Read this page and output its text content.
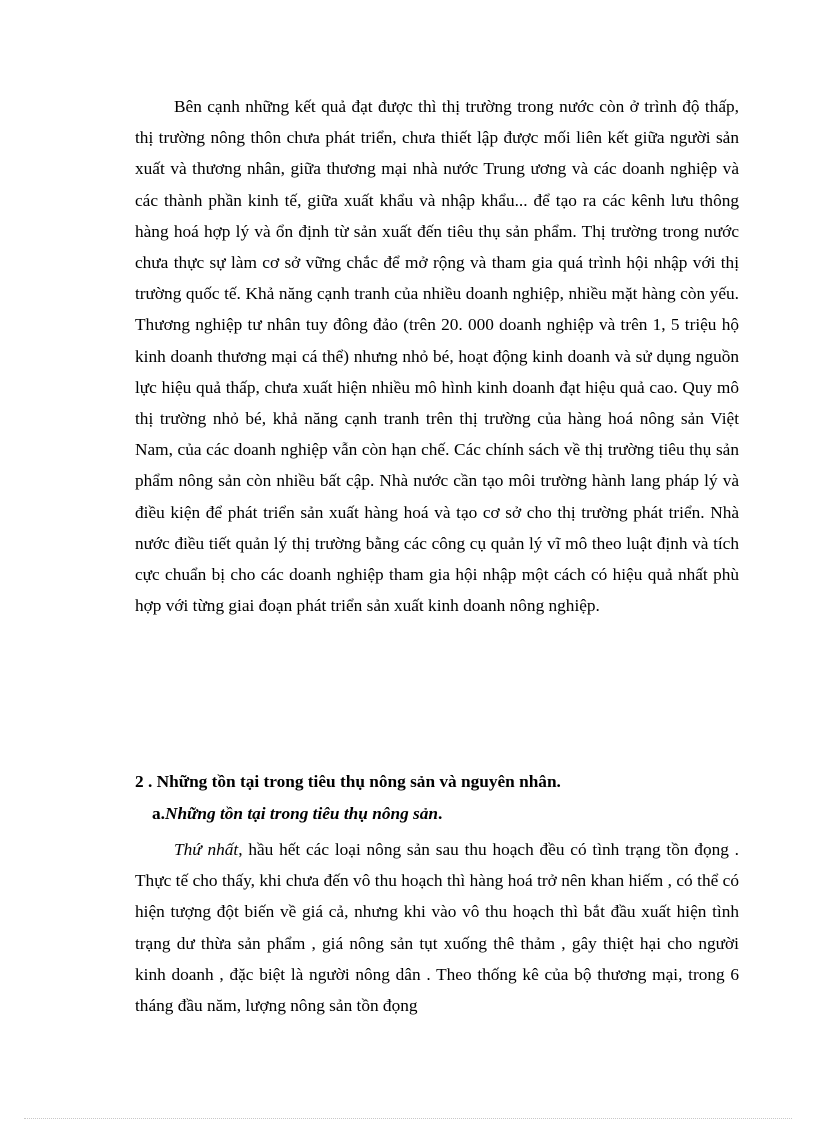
Bên cạnh những kết quả đạt được thì thị trường trong nước còn ở trình độ thấp, thị trường nông thôn chưa phát triển, chưa thiết lập được mối liên kết giữa người sản xuất và thương nhân, giữa thương mại nhà nước Trung ương và các doanh nghiệp và các thành phần kinh tế, giữa xuất khẩu và nhập khẩu... để tạo ra các kênh lưu thông hàng hoá hợp lý và ổn định từ sản xuất đến tiêu thụ sản phẩm. Thị trường trong nước chưa thực sự làm cơ sở vững chắc để mở rộng và tham gia quá trình hội nhập với thị trường quốc tế. Khả năng cạnh tranh của nhiều doanh nghiệp, nhiều mặt hàng còn yếu. Thương nghiệp tư nhân tuy đông đảo (trên 20. 000 doanh nghiệp và trên 1, 5 triệu hộ kinh doanh thương mại cá thể) nhưng nhỏ bé, hoạt động kinh doanh và sử dụng nguồn lực hiệu quả thấp, chưa xuất hiện nhiều mô hình kinh doanh đạt hiệu quả cao. Quy mô thị trường nhỏ bé, khả năng cạnh tranh trên thị trường của hàng hoá nông sản Việt Nam, của các doanh nghiệp vẫn còn hạn chế. Các chính sách về thị trường tiêu thụ sản phẩm nông sản còn nhiều bất cập. Nhà nước cần tạo môi trường hành lang pháp lý và điều kiện để phát triển sản xuất hàng hoá và tạo cơ sở cho thị trường phát triển. Nhà nước điều tiết quản lý thị trường bằng các công cụ quản lý vĩ mô theo luật định và tích cực chuẩn bị cho các doanh nghiệp tham gia hội nhập một cách có hiệu quả nhất phù hợp với từng giai đoạn phát triển sản xuất kinh doanh nông nghiệp.

2 . Những tồn tại trong tiêu thụ nông sản và nguyên nhân.

a.Những tồn tại trong tiêu thụ nông sản.

Thứ nhất, hầu hết các loại nông sản sau thu hoạch đều có tình trạng tồn đọng . Thực tế cho thấy, khi chưa đến vô thu hoạch thì hàng hoá trở nên khan hiếm , có thể có hiện tượng đột biến về giá cả, nhưng khi vào vô thu hoạch thì bắt đầu xuất hiện tình trạng dư thừa sản phẩm , giá nông sản tụt xuống thê thảm , gây thiệt hại cho người kinh doanh , đặc biệt là người nông dân . Theo thống kê của bộ thương mại, trong 6 tháng đầu năm, lượng nông sản tồn đọng
